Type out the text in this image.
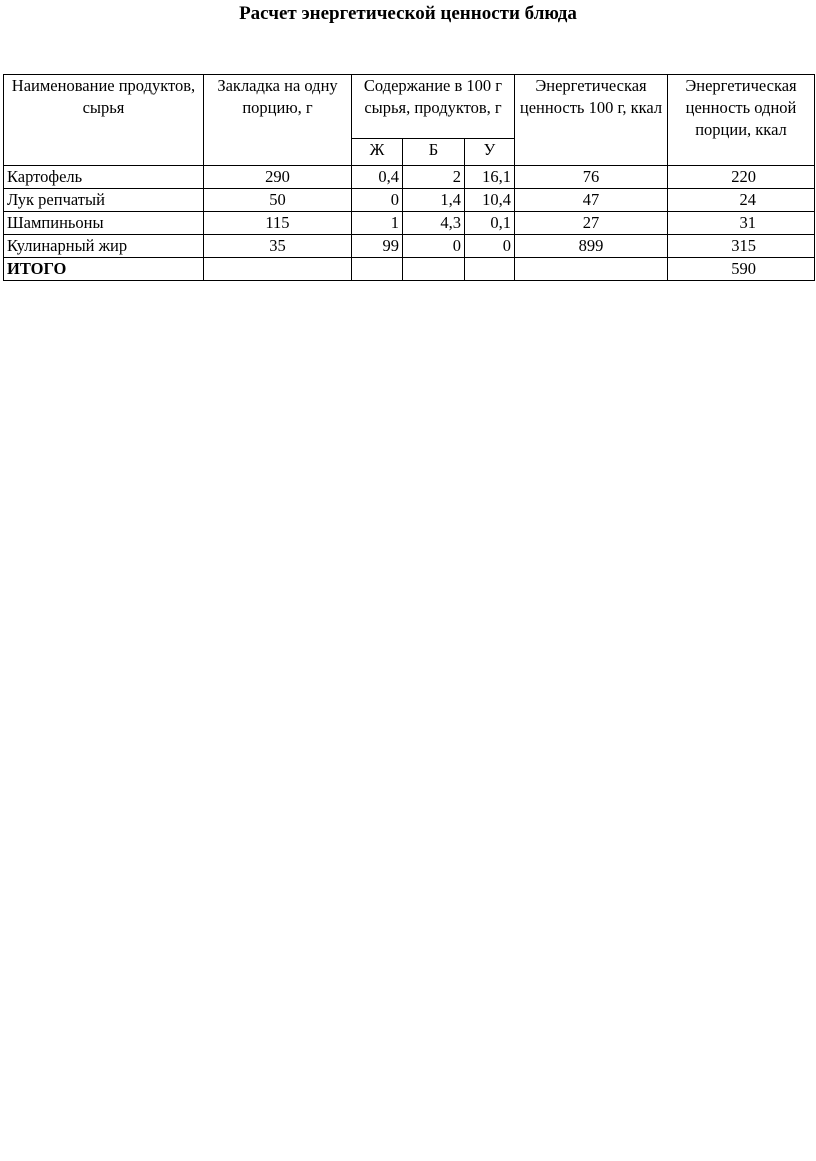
Расчет энергетической ценности блюда
Наименование продуктов, сырья	Закладка на одну порцию, г	Содержание в 100 г сырья, продуктов, г			Энергетическая ценность 100 г, ккал	Энергетическая ценность одной порции, ккал
		Ж	Б	У		
Картофель	290	0,4	2	16,1	76	220
Лук репчатый	50	0	1,4	10,4	47	24
Шампиньоны	115	1	4,3	0,1	27	31
Кулинарный жир	35	99	0	0	899	315
ИТОГО						590
